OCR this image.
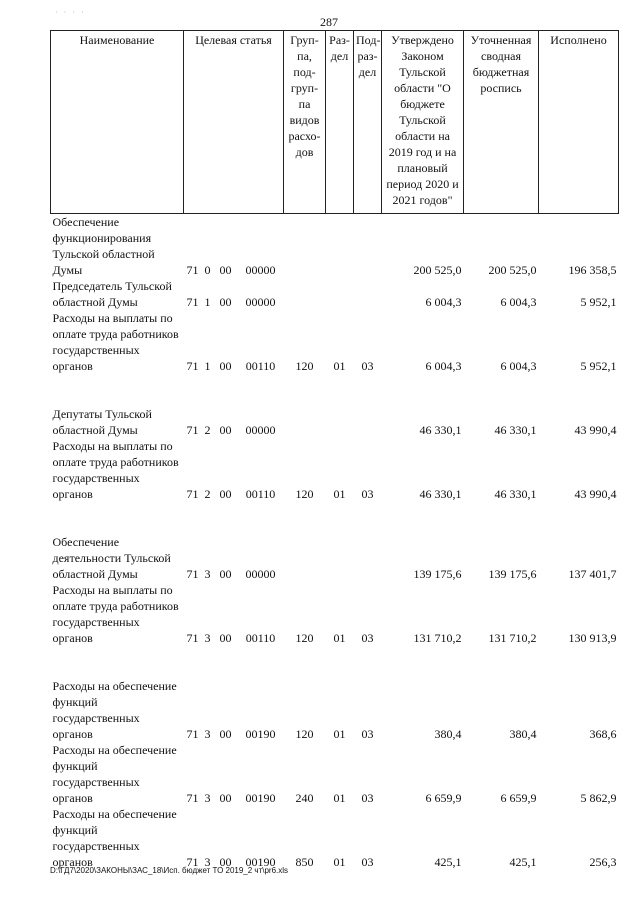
· · · ·
287
Наименование	Целевая статья				Груп-па, под-груп-па видов расхо-дов	Раз-дел	Под-раз-дел	Утверждено Законом Тульской области "О бюджете Тульской области на 2019 год и на плановый период 2020 и 2021 годов"	Уточненная сводная бюджетная роспись	Исполнено
Обеспечение функционирования Тульской областной Думы	71	0	00	00000				200 525,0	200 525,0	196 358,5
Председатель Тульской областной Думы	71	1	00	00000				6 004,3	6 004,3	5 952,1
Расходы на выплаты по оплате труда работников государственных органов	71	1	00	00110	120	01	03	6 004,3	6 004,3	5 952,1

Депутаты Тульской областной Думы	71	2	00	00000				46 330,1	46 330,1	43 990,4
Расходы на выплаты по оплате труда работников государственных органов	71	2	00	00110	120	01	03	46 330,1	46 330,1	43 990,4

Обеспечение деятельности Тульской областной Думы	71	3	00	00000				139 175,6	139 175,6	137 401,7
Расходы на выплаты по оплате труда работников государственных органов	71	3	00	00110	120	01	03	131 710,2	131 710,2	130 913,9

Расходы на обеспечение функций государственных органов	71	3	00	00190	120	01	03	380,4	380,4	368,6
Расходы на обеспечение функций государственных органов	71	3	00	00190	240	01	03	6 659,9	6 659,9	5 862,9
Расходы на обеспечение функций государственных органов	71	3	00	00190	850	01	03	425,1	425,1	256,3
D:\ГД7\2020\ЗАКОНЫ\ЗАС_18\Исп. бюджет ТО 2019_2 чт\pr6.xls
